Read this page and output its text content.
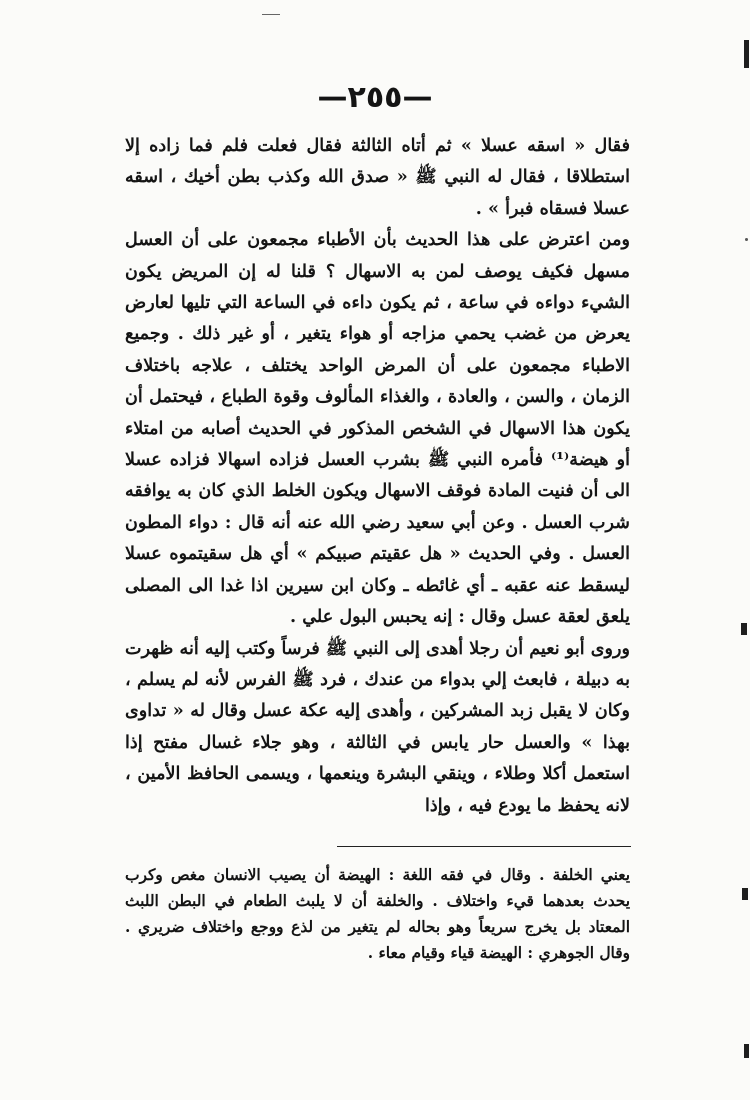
—٢٥٥—

فقال « اسقه عسلا » ثم أتاه الثالثة فقال فعلت فلم فما زاده إلا استطلاقا ، فقال له النبي ﷺ « صدق الله وكذب بطن أخيك ، اسقه عسلا فسقاه فبرأ » .

ومن اعترض على هذا الحديث بأن الأطباء مجمعون على أن العسل مسهل فكيف يوصف لمن به الاسهال ؟ قلنا له إن المريض يكون الشيء دواءه في ساعة ، ثم يكون داءه في الساعة التي تليها لعارض يعرض من غضب يحمي مزاجه أو هواء يتغير ، أو غير ذلك . وجميع الاطباء مجمعون على أن المرض الواحد يختلف ، علاجه باختلاف الزمان ، والسن ، والعادة ، والغذاء المألوف وقوة الطباع ، فيحتمل أن يكون هذا الاسهال في الشخص المذكور في الحديث أصابه من امتلاء أو هيضة⁽¹⁾ فأمره النبي ﷺ بشرب العسل فزاده اسهالا فزاده عسلا الى أن فنيت المادة فوقف الاسهال ويكون الخلط الذي كان به يوافقه شرب العسل . وعن أبي سعيد رضي الله عنه أنه قال : دواء المطون العسل . وفي الحديث « هل عقيتم صبيكم » أي هل سقيتموه عسلا ليسقط عنه عقبه ـ أي غائطه ـ وكان ابن سيرين اذا غدا الى المصلى يلعق لعقة عسل وقال : إنه يحبس البول علي .

وروى أبو نعيم أن رجلا أهدى إلى النبي ﷺ فرساً وكتب إليه أنه ظهرت به دبيلة ، فابعث إلي بدواء من عندك ، فرد ﷺ الفرس لأنه لم يسلم ، وكان لا يقبل زبد المشركين ، وأهدى إليه عكة عسل وقال له « تداوى بهذا » والعسل حار يابس في الثالثة ، وهو جلاء غسال مفتح إذا استعمل أكلا وطلاء ، وينقي البشرة وينعمها ، ويسمى الحافظ الأمين ، لانه يحفظ ما يودع فيه ، وإذا

يعني الخلفة . وقال في فقه اللغة : الهيضة أن يصيب الانسان مغص وكرب يحدث بعدهما قيء واختلاف . والخلفة أن لا يلبث الطعام في البطن اللبث المعتاد بل يخرج سريعاً وهو بحاله لم يتغير من لذع ووجع واختلاف ضريري . وقال الجوهري : الهيضة قياء وقيام معاء .
